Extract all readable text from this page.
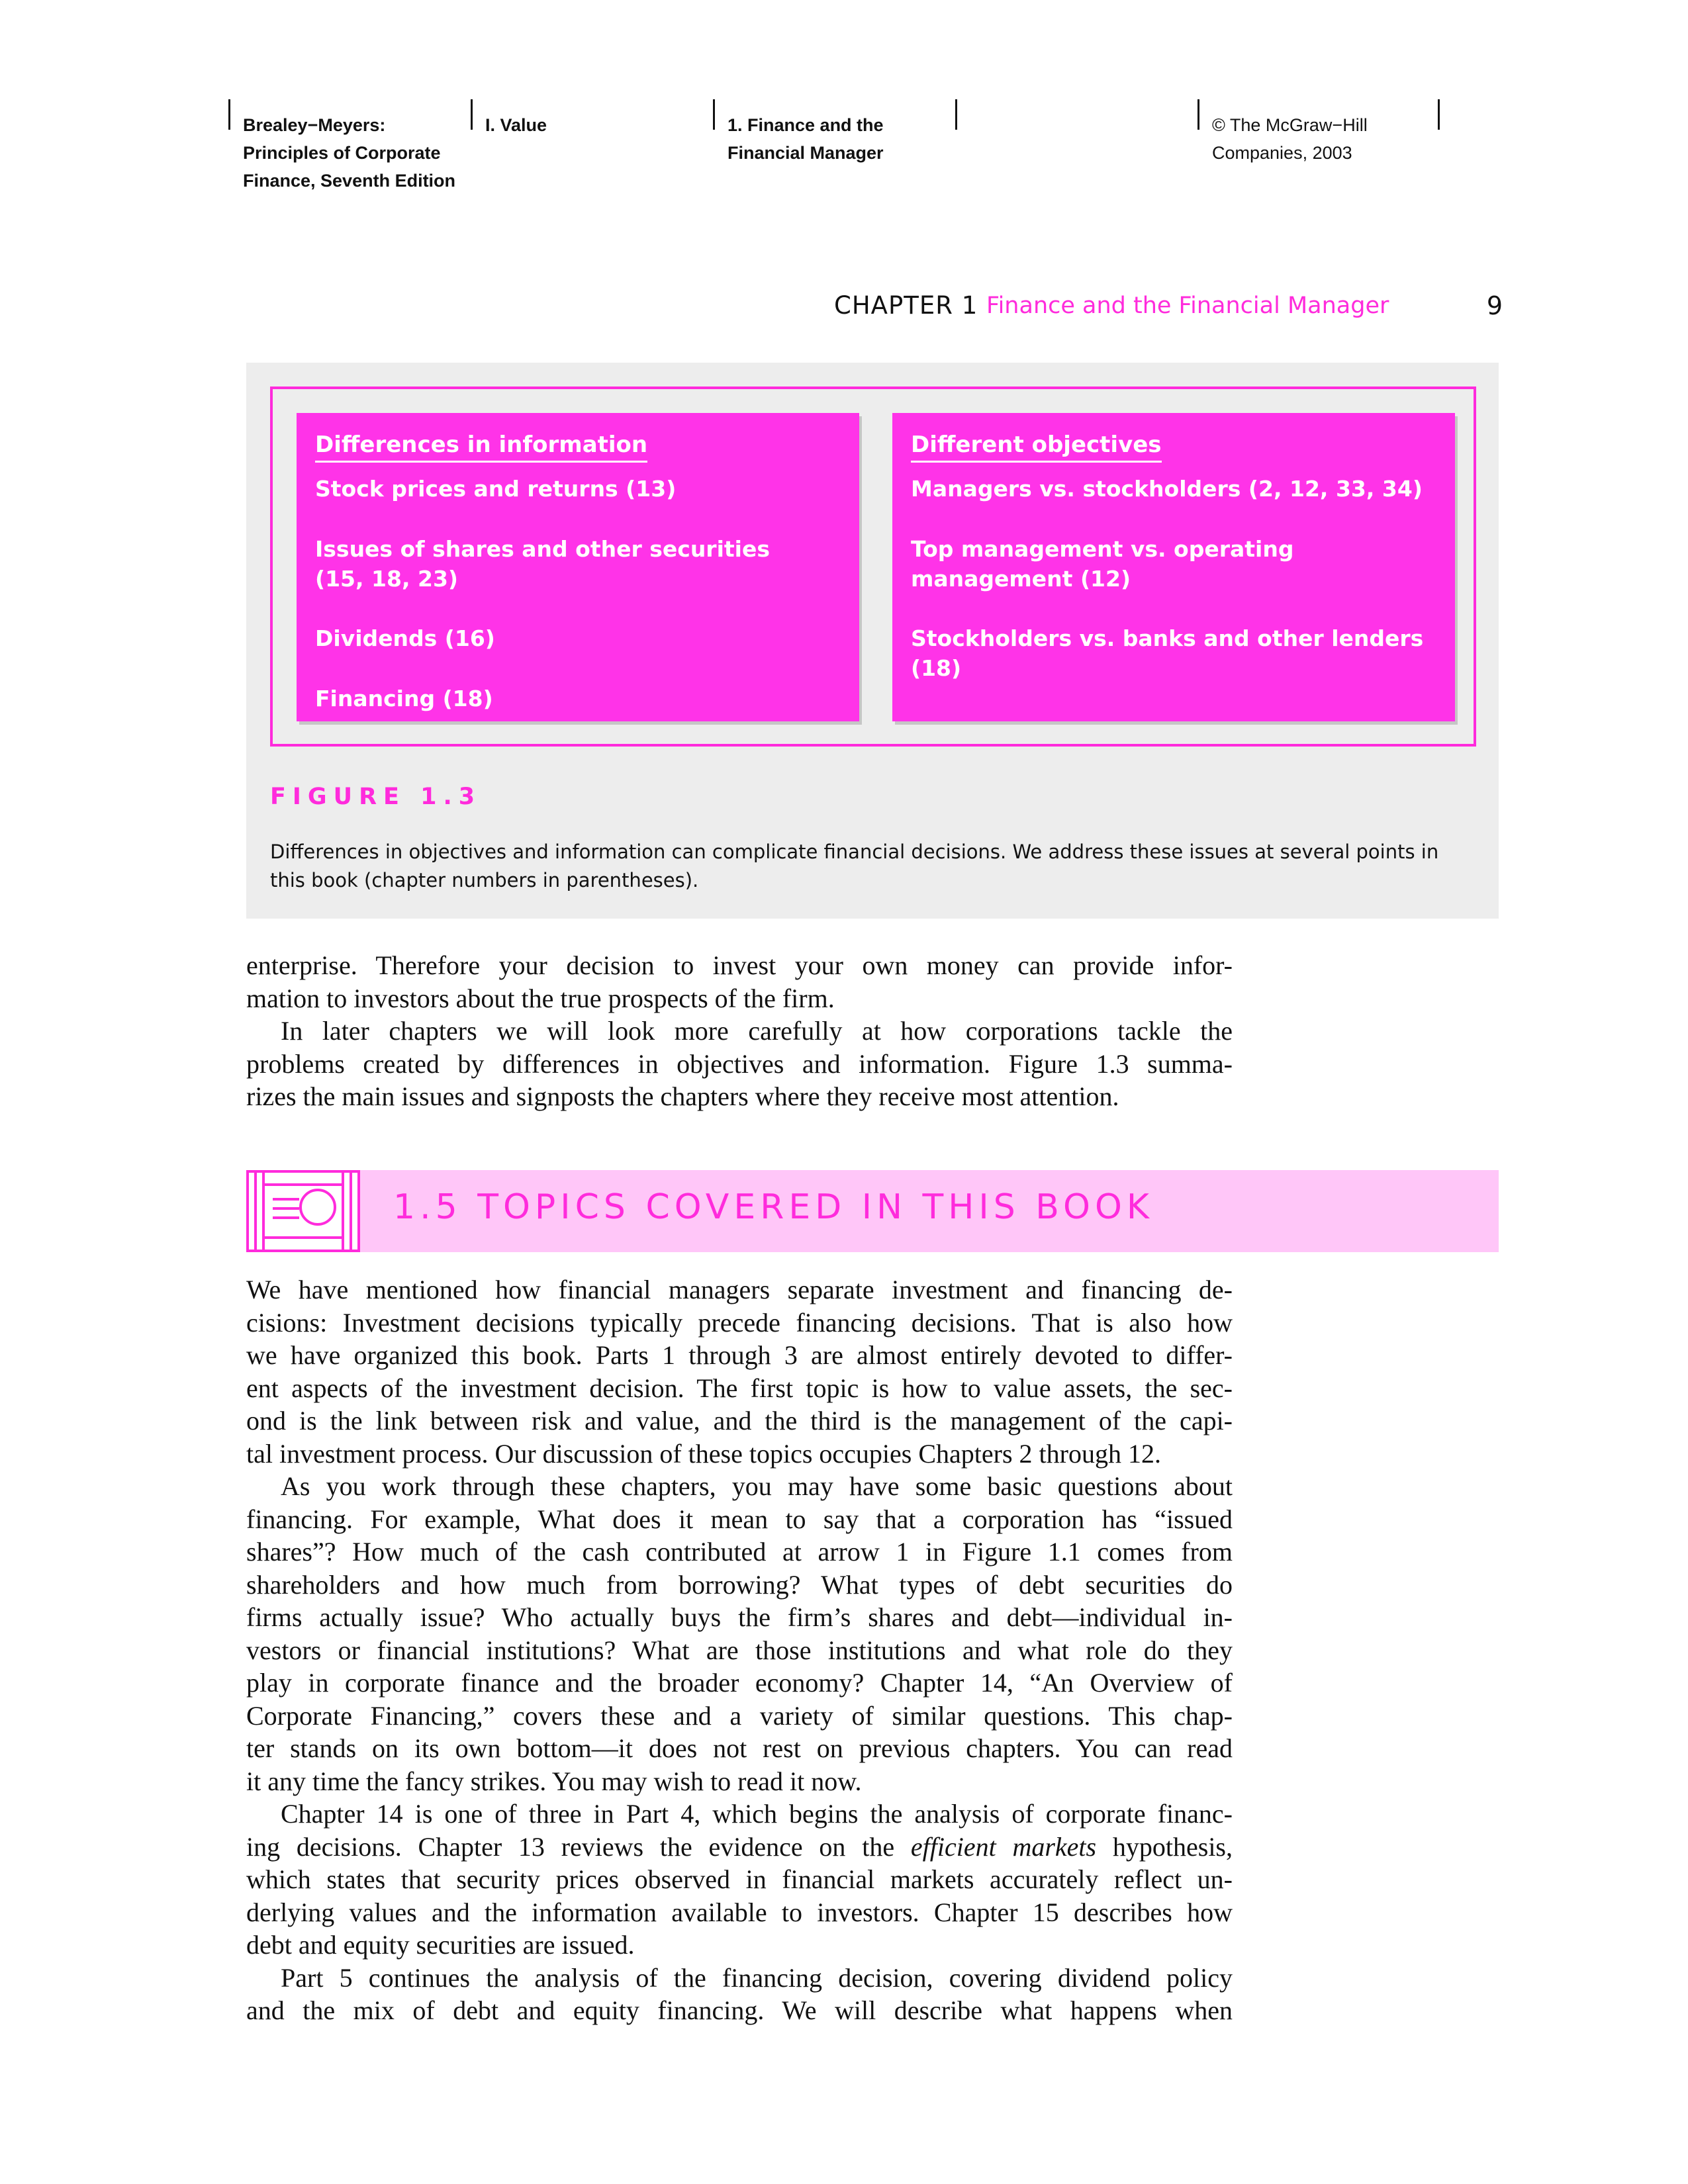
Brealey−Meyers:
Principles of Corporate
Finance, Seventh Edition
I. Value	1. Finance and the
Financial Manager
© The McGraw−Hill
Companies, 2003
CHAPTER 1 Finance and the Financial Manager	9
Differences in information
Stock prices and returns (13)
Issues of shares and other securities
(15, 18, 23)
Dividends (16)
Financing (18)
Different objectives
Managers vs. stockholders (2, 12, 33, 34)
Top management vs. operating
management (12)
Stockholders vs. banks and other lenders (18)
FIGURE 1.3
Differences in objectives and information can complicate financial decisions. We address these issues at several points in this book (chapter numbers in parentheses).

enterprise. Therefore your decision to invest your own money can provide infor-
mation to investors about the true prospects of the firm.

In later chapters we will look more carefully at how corporations tackle the
problems created by differences in objectives and information. Figure 1.3 summa-
rizes the main issues and signposts the chapters where they receive most attention.

1.5 TOPICS COVERED IN THIS BOOK

We have mentioned how financial managers separate investment and financing de-
cisions: Investment decisions typically precede financing decisions. That is also how
we have organized this book. Parts 1 through 3 are almost entirely devoted to differ-
ent aspects of the investment decision. The first topic is how to value assets, the sec-
ond is the link between risk and value, and the third is the management of the capi-
tal investment process. Our discussion of these topics occupies Chapters 2 through 12.

As you work through these chapters, you may have some basic questions about
financing. For example, What does it mean to say that a corporation has “issued
shares”? How much of the cash contributed at arrow 1 in Figure 1.1 comes from
shareholders and how much from borrowing? What types of debt securities do
firms actually issue? Who actually buys the firm’s shares and debt—individual in-
vestors or financial institutions? What are those institutions and what role do they
play in corporate finance and the broader economy? Chapter 14, “An Overview of
Corporate Financing,” covers these and a variety of similar questions. This chap-
ter stands on its own bottom—it does not rest on previous chapters. You can read
it any time the fancy strikes. You may wish to read it now.

Chapter 14 is one of three in Part 4, which begins the analysis of corporate financ-
ing decisions. Chapter 13 reviews the evidence on the efficient markets hypothesis,
which states that security prices observed in financial markets accurately reflect un-
derlying values and the information available to investors. Chapter 15 describes how
debt and equity securities are issued.

Part 5 continues the analysis of the financing decision, covering dividend policy
and the mix of debt and equity financing. We will describe what happens when
